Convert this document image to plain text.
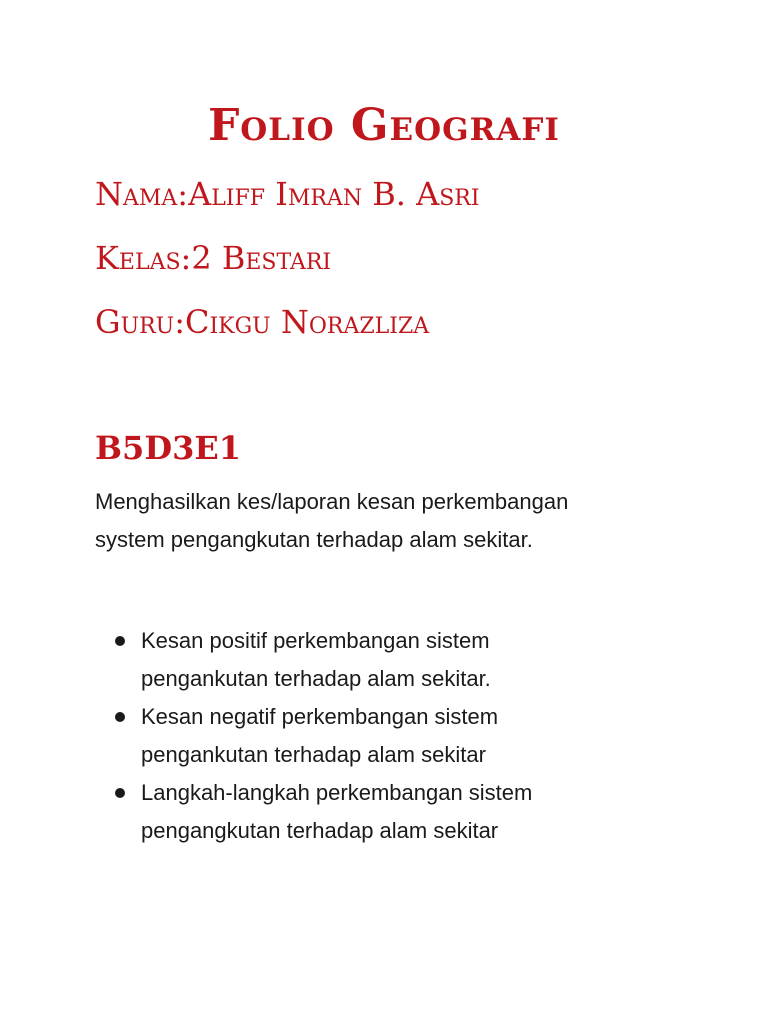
Folio Geografi

Nama:Aliff Imran B. Asri

Kelas:2 Bestari

Guru:Cikgu Norazliza

B5D3E1

Menghasilkan kes/laporan kesan perkembangan
system pengangkutan terhadap alam sekitar.

Kesan positif perkembangan sistem
pengankutan terhadap alam sekitar.
Kesan negatif perkembangan sistem
pengankutan terhadap alam sekitar
Langkah-langkah perkembangan sistem
pengangkutan terhadap alam sekitar
